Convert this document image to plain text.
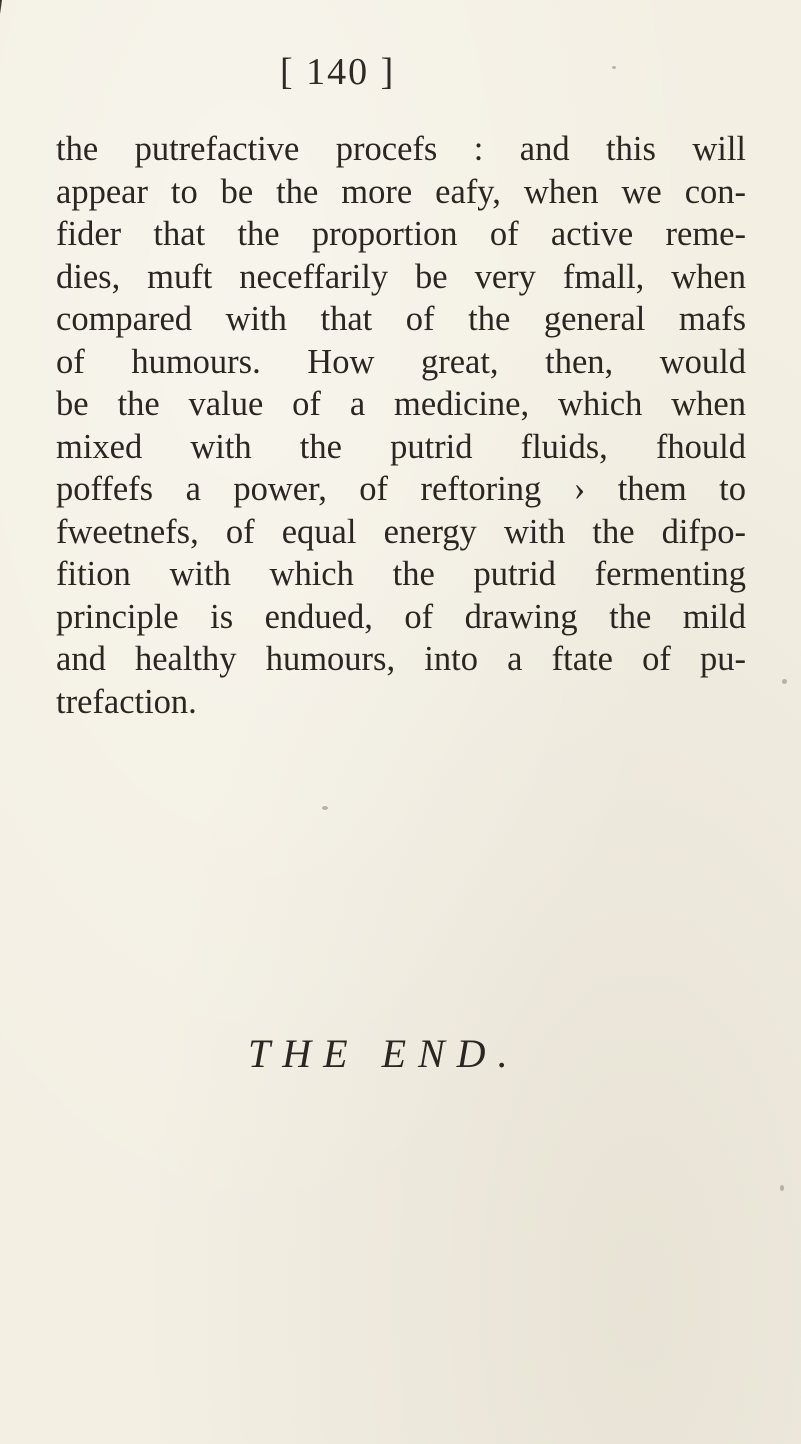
[ 140 ]
the putrefactive procefs : and this will
appear to be the more eafy, when we con-
fider that the proportion of active reme-
dies, muft neceffarily be very fmall, when
compared with that of the general mafs
of humours. How great, then, would
be the value of a medicine, which when
mixed with the putrid fluids, fhould
poffefs a power, of reftoring › them to
fweetnefs, of equal energy with the difpo-
fition with which the putrid fermenting
principle is endued, of drawing the mild
and healthy humours, into a ftate of pu-
trefaction.
THE END.
